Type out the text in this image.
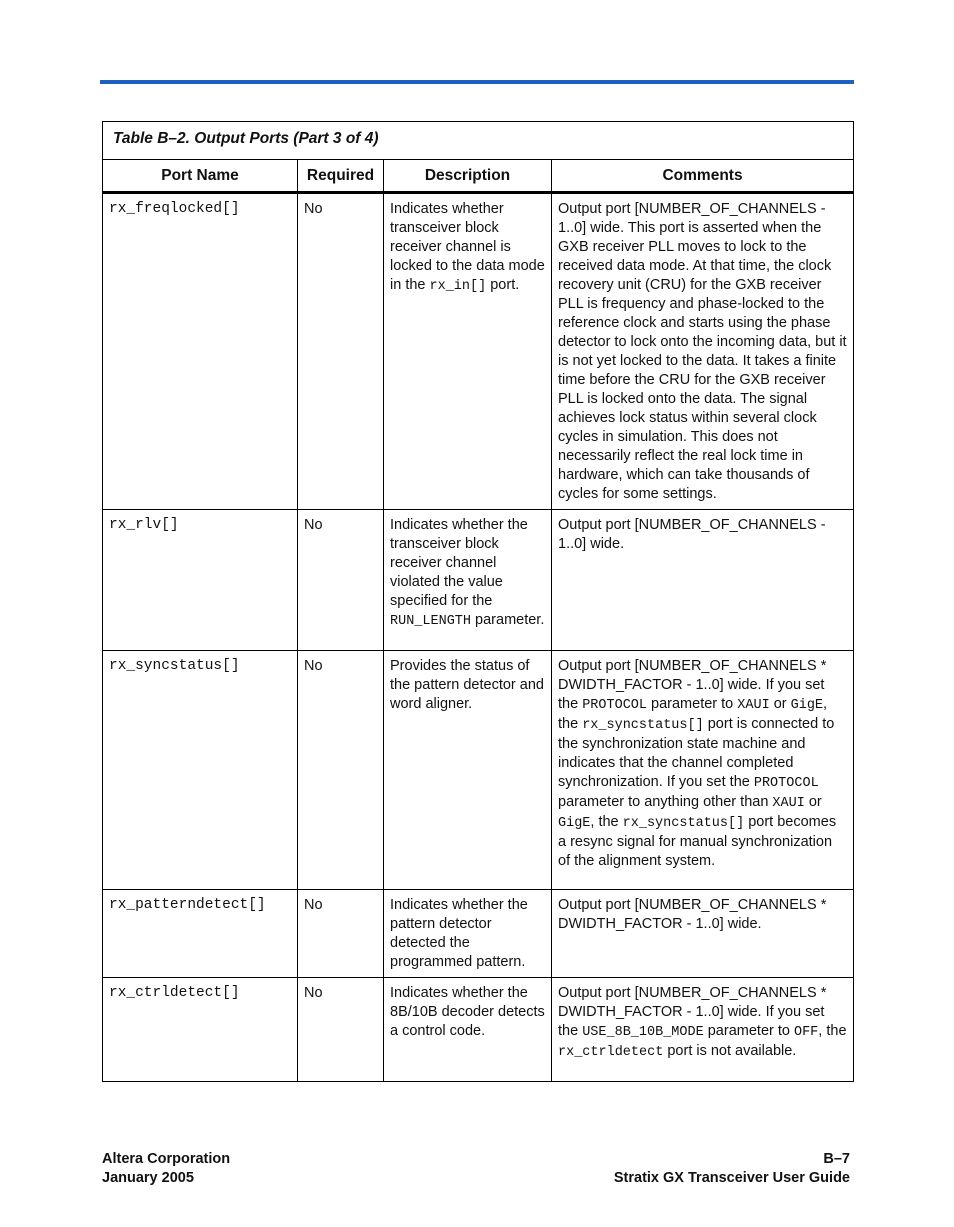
Table B–2. Output Ports (Part 3 of 4)			
Port Name	Required	Description	Comments
rx_freqlocked[]	No	Indicates whether transceiver block receiver channel is locked to the data mode in the rx_in[] port.	Output port [NUMBER_OF_CHANNELS - 1..0] wide. This port is asserted when the GXB receiver PLL moves to lock to the received data mode. At that time, the clock recovery unit (CRU) for the GXB receiver PLL is frequency and phase-locked to the reference clock and starts using the phase detector to lock onto the incoming data, but it is not yet locked to the data. It takes a finite time before the CRU for the GXB receiver PLL is locked onto the data. The signal achieves lock status within several clock cycles in simulation. This does not necessarily reflect the real lock time in hardware, which can take thousands of cycles for some settings.
rx_rlv[]	No	Indicates whether the transceiver block receiver channel violated the value specified for the RUN_LENGTH parameter.	Output port [NUMBER_OF_CHANNELS - 1..0] wide.
rx_syncstatus[]	No	Provides the status of the pattern detector and word aligner.	Output port [NUMBER_OF_CHANNELS * DWIDTH_FACTOR - 1..0] wide. If you set the PROTOCOL parameter to XAUI or GigE, the rx_syncstatus[] port is connected to the synchronization state machine and indicates that the channel completed synchronization. If you set the PROTOCOL parameter to anything other than XAUI or GigE, the rx_syncstatus[] port becomes a resync signal for manual synchronization of the alignment system.
rx_patterndetect[]	No	Indicates whether the pattern detector detected the programmed pattern.	Output port [NUMBER_OF_CHANNELS * DWIDTH_FACTOR - 1..0] wide.
rx_ctrldetect[]	No	Indicates whether the 8B/10B decoder detects a control code.	Output port [NUMBER_OF_CHANNELS * DWIDTH_FACTOR - 1..0] wide. If you set the USE_8B_10B_MODE parameter to OFF, the rx_ctrldetect port is not available.
Altera Corporation
January 2005
B–7
Stratix GX Transceiver User Guide
